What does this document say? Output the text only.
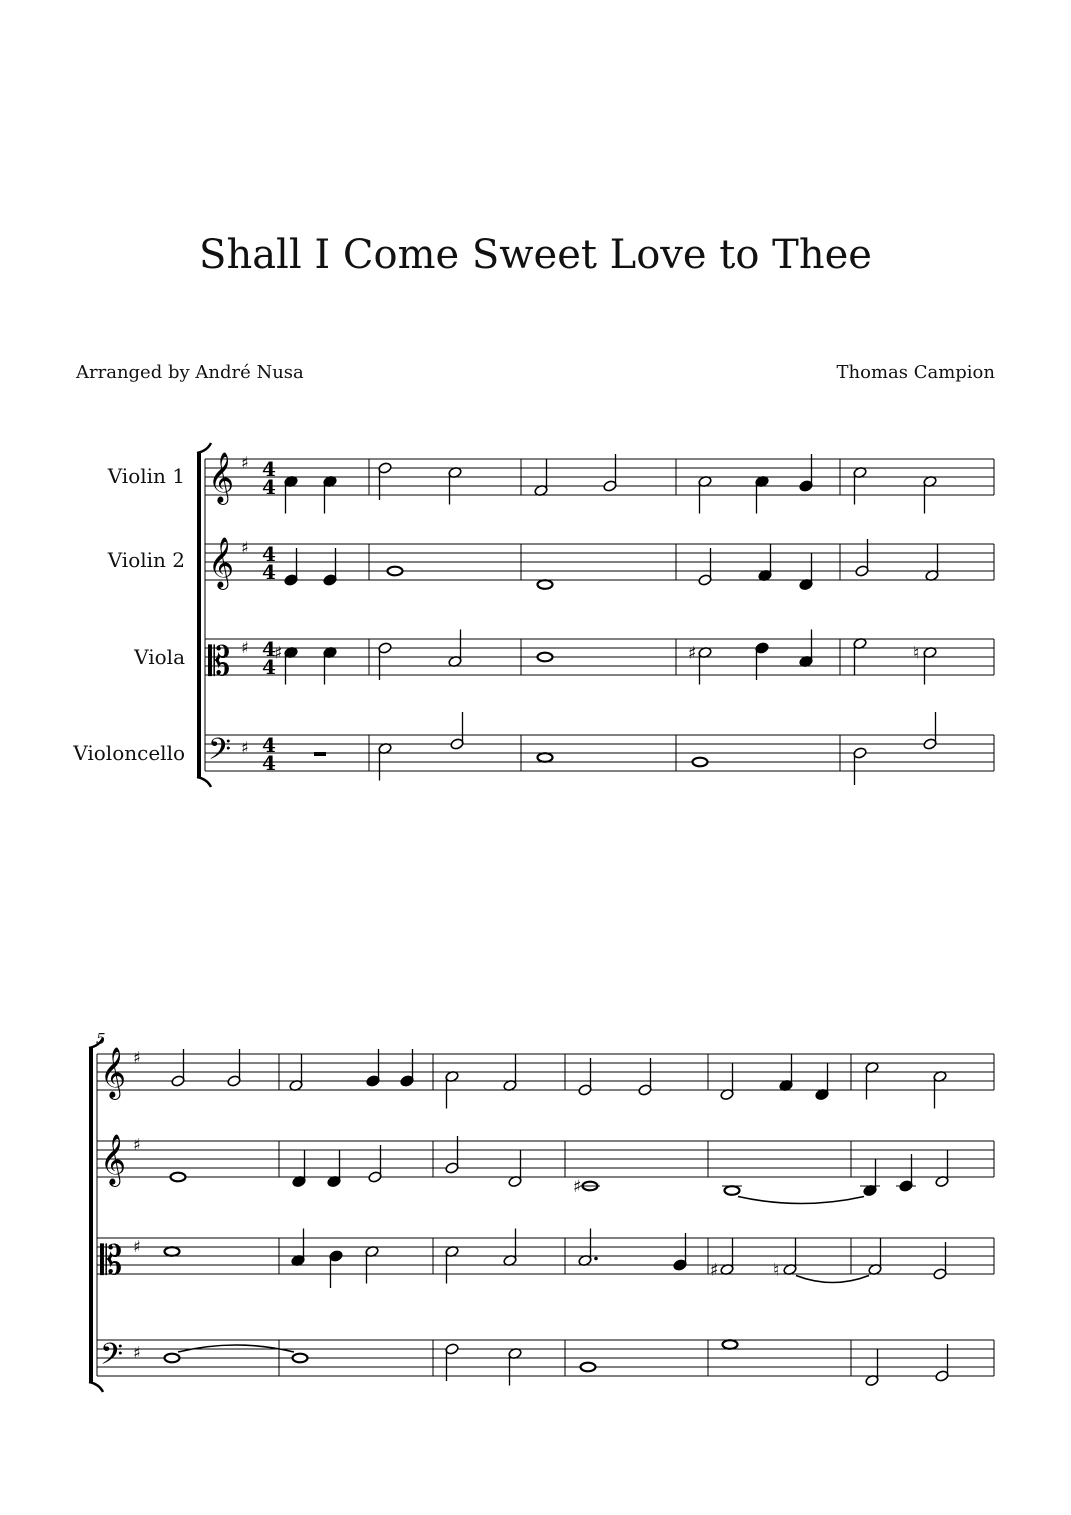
Shall I Come Sweet Love to Thee
Arranged by André Nusa	Thomas Campion
Violin 1
Violin 2
Viola
Violoncello
5
𝄞 ♯ 4
4
𝄞 ♯ 4
4
𝄡 ♯ 4
4
𝄢 ♯ 4
4
𝄞 ♯
𝄞 ♯
𝄡 ♯
𝄢 ♯
♯	♯	♮
♯
♯	♮
